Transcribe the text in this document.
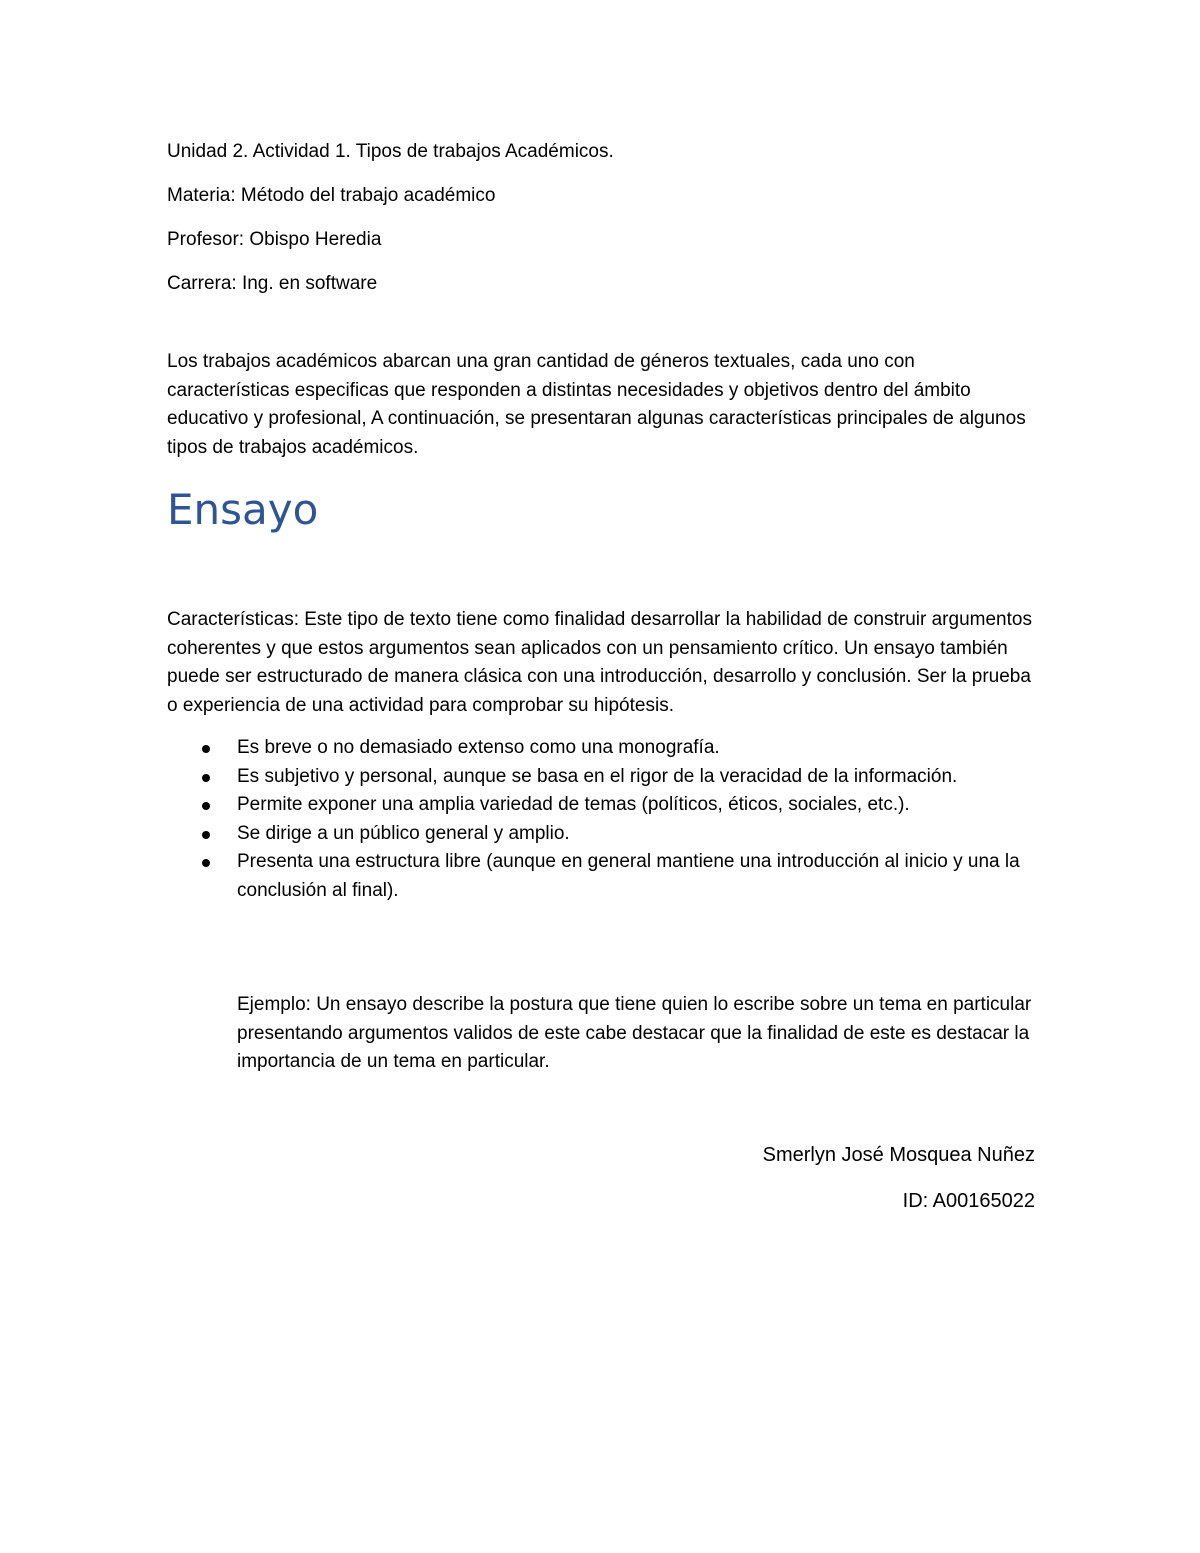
Unidad 2. Actividad 1. Tipos de trabajos Académicos.

Materia: Método del trabajo académico

Profesor: Obispo Heredia

Carrera: Ing. en software

Los trabajos académicos abarcan una gran cantidad de géneros textuales, cada uno con características especificas que responden a distintas necesidades y objetivos dentro del ámbito educativo y profesional, A continuación, se presentaran algunas características principales de algunos tipos de trabajos académicos.

Ensayo

Características: Este tipo de texto tiene como finalidad desarrollar la habilidad de construir argumentos coherentes y que estos argumentos sean aplicados con un pensamiento crítico. Un ensayo también puede ser estructurado de manera clásica con una introducción, desarrollo y conclusión. Ser la prueba o experiencia de una actividad para comprobar su hipótesis.

Es breve o no demasiado extenso como una monografía.
Es subjetivo y personal, aunque se basa en el rigor de la veracidad de la información.
Permite exponer una amplia variedad de temas (políticos, éticos, sociales, etc.).
Se dirige a un público general y amplio.
Presenta una estructura libre (aunque en general mantiene una introducción al inicio y una la conclusión al final).

Ejemplo: Un ensayo describe la postura que tiene quien lo escribe sobre un tema en particular presentando argumentos validos de este cabe destacar que la finalidad de este es destacar la importancia de un tema en particular.

Smerlyn José Mosquea Nuñez

ID: A00165022
